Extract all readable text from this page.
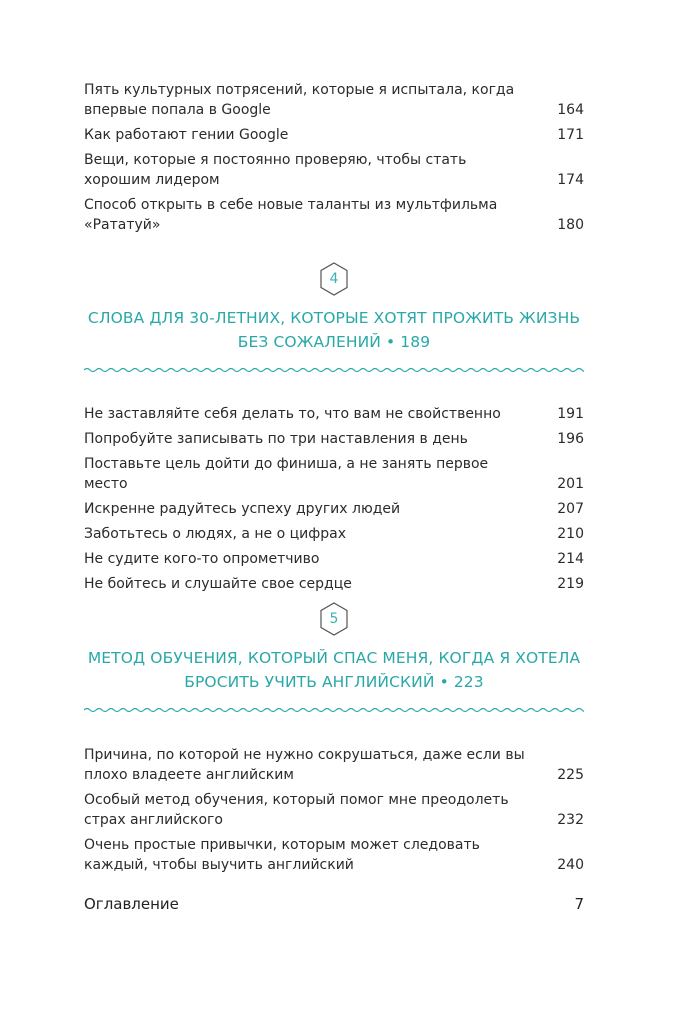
Пять культурных потрясений, которые я испытала, когда впервые попала в Google	164
Как работают гении Google	171
Вещи, которые я постоянно проверяю, чтобы стать хорошим лидером	174
Способ открыть в себе новые таланты из мультфильма «Рататуй»	180
4
СЛОВА ДЛЯ 30-ЛЕТНИХ, КОТОРЫЕ ХОТЯТ ПРОЖИТЬ ЖИЗНЬ
БЕЗ СОЖАЛЕНИЙ • 189
Не заставляйте себя делать то, что вам не свойственно	191
Попробуйте записывать по три наставления в день	196
Поставьте цель дойти до финиша, а не занять первое место	201
Искренне радуйтесь успеху других людей	207
Заботьтесь о людях, а не о цифрах	210
Не судите кого-то опрометчиво	214
Не бойтесь и слушайте свое сердце	219
5
МЕТОД ОБУЧЕНИЯ, КОТОРЫЙ СПАС МЕНЯ, КОГДА Я ХОТЕЛА
БРОСИТЬ УЧИТЬ АНГЛИЙСКИЙ • 223
Причина, по которой не нужно сокрушаться, даже если вы плохо владеете английским	225
Особый метод обучения, который помог мне преодолеть страх английского	232
Очень простые привычки, которым может следовать каждый, чтобы выучить английский	240
Оглавление	7
